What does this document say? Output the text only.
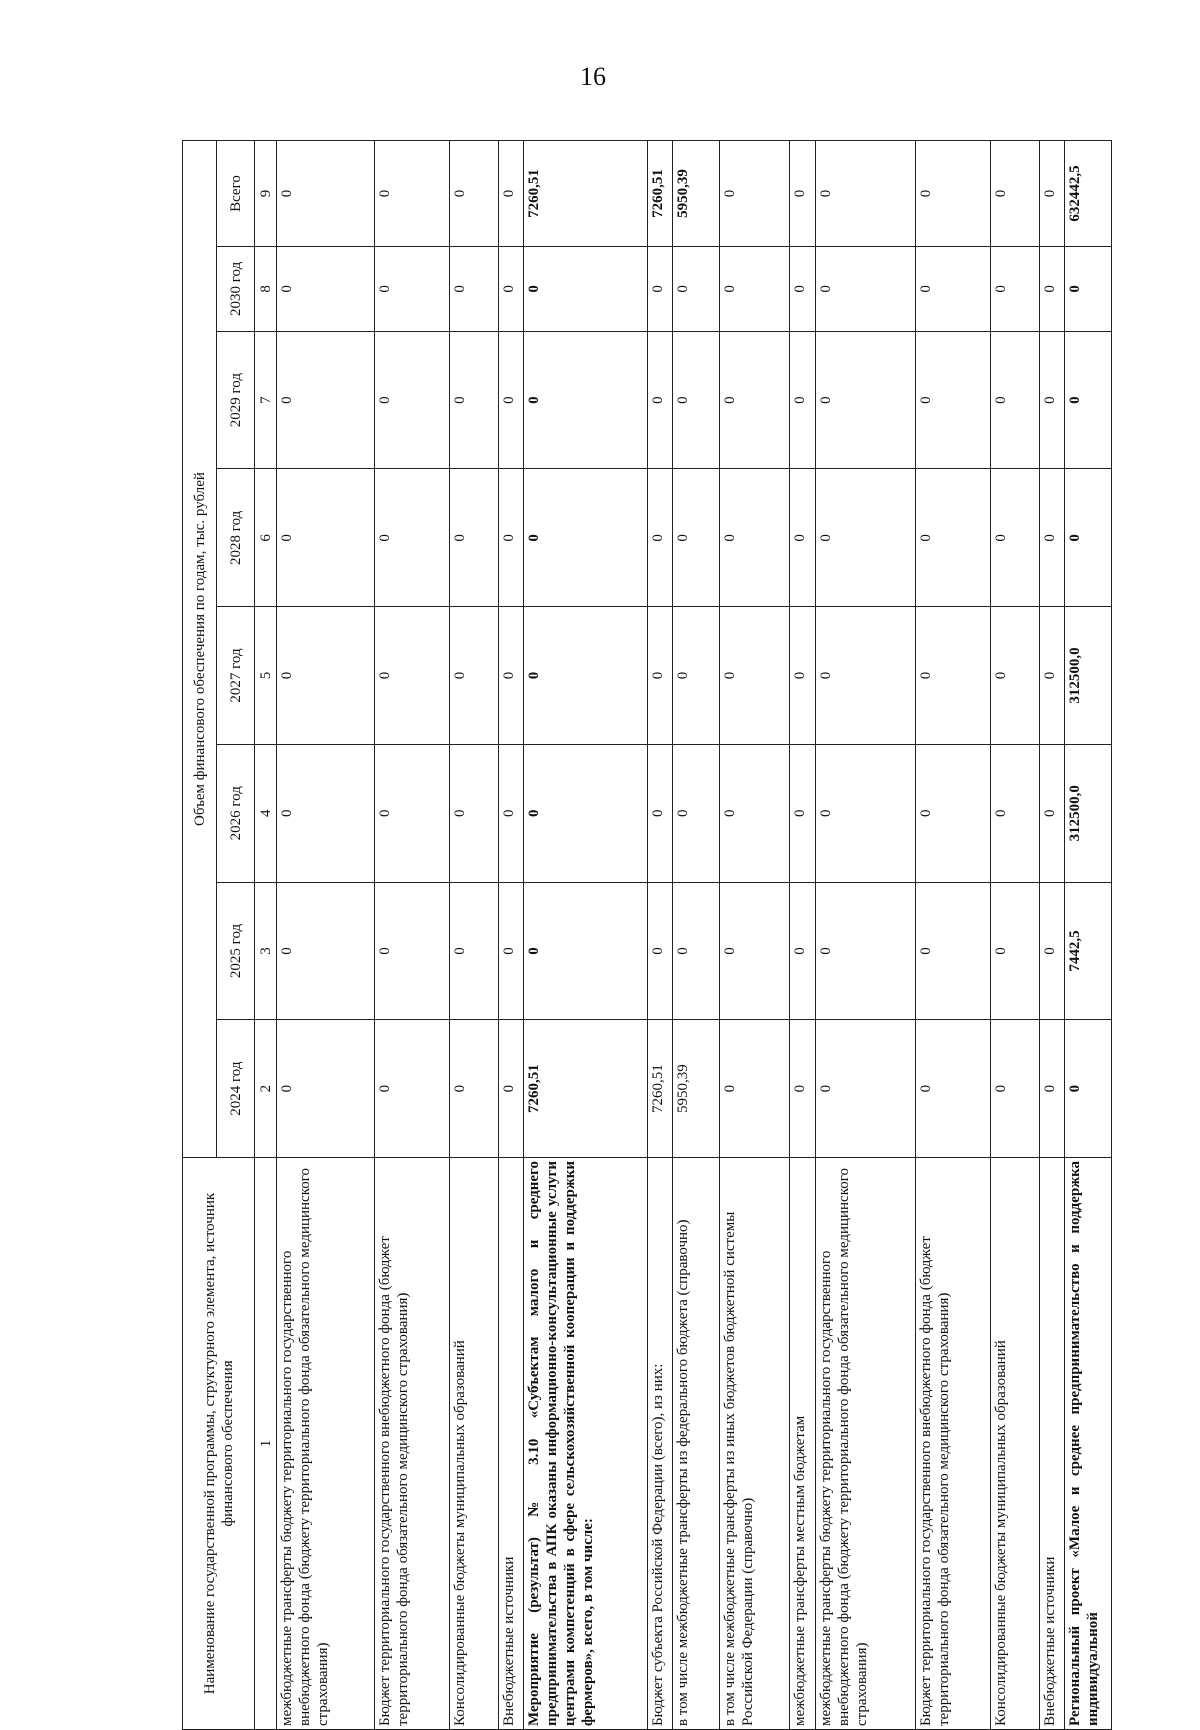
16
Наименование государственной программы, структурного элемента, источник финансового обеспечения	Объем финансового обеспечения по годам, тыс. рублей							
	2024 год	2025 год	2026 год	2027 год	2028 год	2029 год	2030 год	Всего
1	2	3	4	5	6	7	8	9
межбюджетные трансферты бюджету территориального государственного внебюджетного фонда (бюджету территориального фонда обязательного медицинского страхования)	0	0	0	0	0	0	0	0
Бюджет территориального государственного внебюджетного фонда (бюджет территориального фонда обязательного медицинского страхования)	0	0	0	0	0	0	0	0
Консолидированные бюджеты муниципальных образований	0	0	0	0	0	0	0	0
Внебюджетные источники	0	0	0	0	0	0	0	0
Мероприятие (результат) № 3.10 «Субъектам малого и среднего предпринимательства в АПК оказаны информационно-консультационные услуги центрами компетенций в сфере сельскохозяйственной кооперации и поддержки фермеров», всего, в том числе:	7260,51	0	0	0	0	0	0	7260,51
Бюджет субъекта Российской Федерации (всего), из них:	7260,51	0	0	0	0	0	0	7260,51
в том числе межбюджетные трансферты из федерального бюджета (справочно)	5950,39	0	0	0	0	0	0	5950,39
в том числе межбюджетные трансферты из иных бюджетов бюджетной системы Российской Федерации (справочно)	0	0	0	0	0	0	0	0
межбюджетные трансферты местным бюджетам	0	0	0	0	0	0	0	0
межбюджетные трансферты бюджету территориального государственного внебюджетного фонда (бюджету территориального фонда обязательного медицинского страхования)	0	0	0	0	0	0	0	0
Бюджет территориального государственного внебюджетного фонда (бюджет территориального фонда обязательного медицинского страхования)	0	0	0	0	0	0	0	0
Консолидированные бюджеты муниципальных образований	0	0	0	0	0	0	0	0
Внебюджетные источники	0	0	0	0	0	0	0	0
Региональный проект «Малое и среднее предпринимательство и поддержка индивидуальной	0	7442,5	312500,0	312500,0	0	0	0	632442,5
